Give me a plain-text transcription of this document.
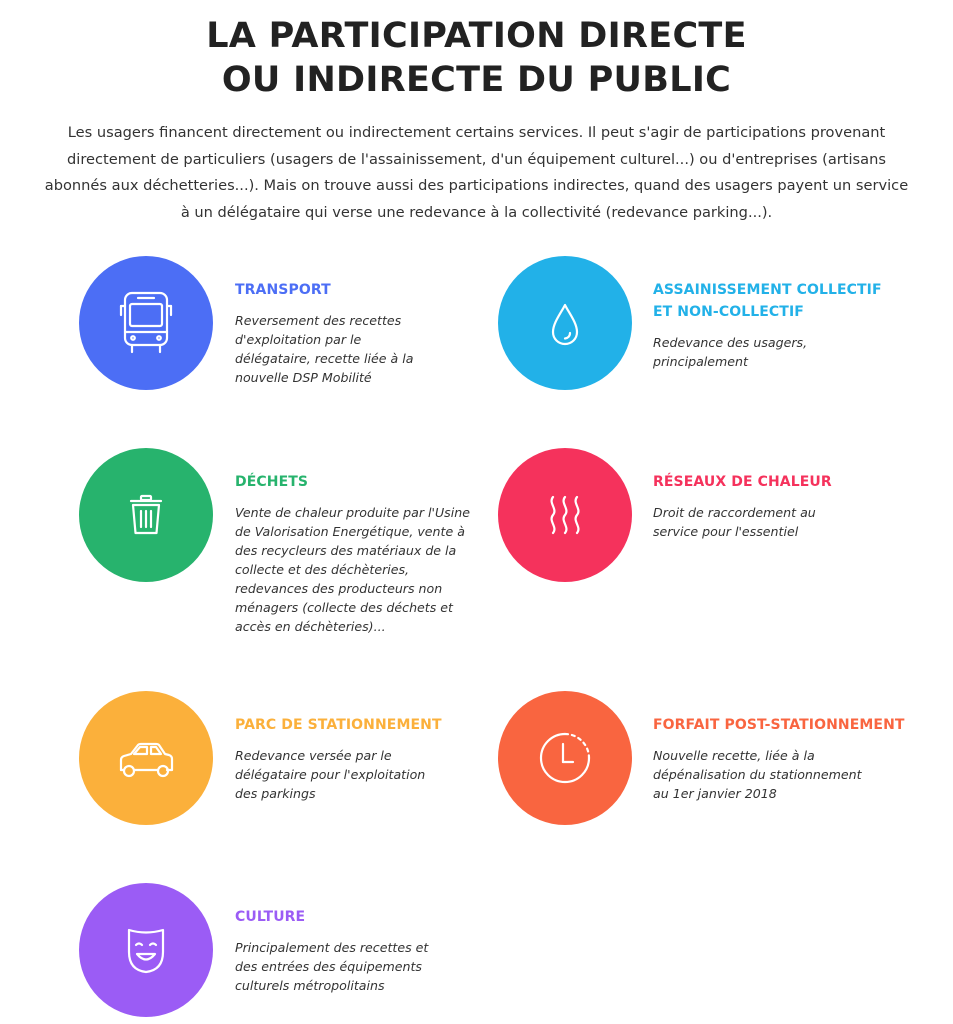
LA PARTICIPATION DIRECTE
OU INDIRECTE DU PUBLIC
Les usagers financent directement ou indirectement certains services. Il peut s'agir de participations provenant directement de particuliers (usagers de l'assainissement, d'un équipement culturel...) ou d'entreprises (artisans abonnés aux déchetteries...). Mais on trouve aussi des participations indirectes, quand des usagers payent un service à un délégataire qui verse une redevance à la collectivité (redevance parking...).
TRANSPORT
Reversement des recettes
d'exploitation par le
délégataire, recette liée à la
nouvelle DSP Mobilité
ASSAINISSEMENT COLLECTIF
ET NON-COLLECTIF
Redevance des usagers,
principalement
DÉCHETS
Vente de chaleur produite par l'Usine
de Valorisation Energétique, vente à
des recycleurs des matériaux de la
collecte et des déchèteries,
redevances des producteurs non
ménagers (collecte des déchets et
accès en déchèteries)...
RÉSEAUX DE CHALEUR
Droit de raccordement au
service pour l'essentiel
PARC DE STATIONNEMENT
Redevance versée par le
délégataire pour l'exploitation
des parkings
FORFAIT POST-STATIONNEMENT
Nouvelle recette, liée à la
dépénalisation du stationnement
au 1er janvier 2018
CULTURE
Principalement des recettes et
des entrées des équipements
culturels métropolitains
